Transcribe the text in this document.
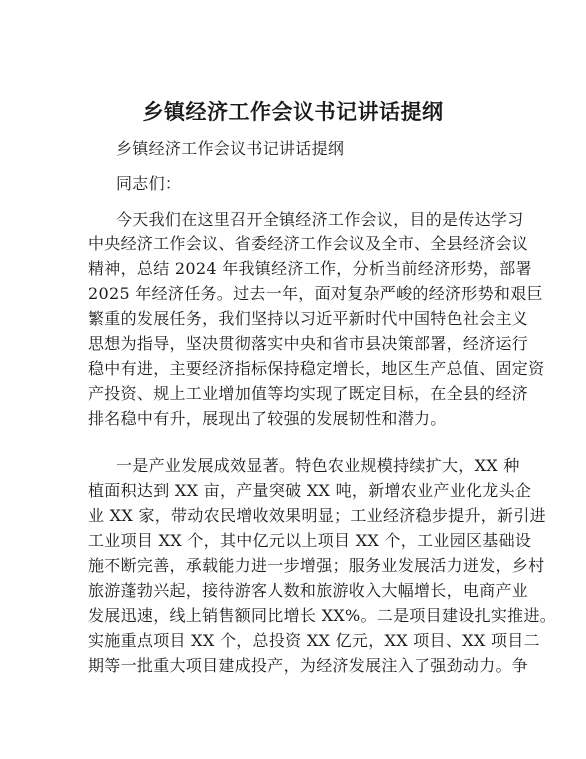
乡镇经济工作会议书记讲话提纲
乡镇经济工作会议书记讲话提纲
同志们：
今天我们在这里召开全镇经济工作会议，目的是传达学习
中央经济工作会议、省委经济工作会议及全市、全县经济会议
精神，总结 2024 年我镇经济工作，分析当前经济形势，部署
2025 年经济任务。过去一年，面对复杂严峻的经济形势和艰巨
繁重的发展任务，我们坚持以习近平新时代中国特色社会主义
思想为指导，坚决贯彻落实中央和省市县决策部署，经济运行
稳中有进，主要经济指标保持稳定增长，地区生产总值、固定资
产投资、规上工业增加值等均实现了既定目标，在全县的经济
排名稳中有升，展现出了较强的发展韧性和潜力。
一是产业发展成效显著。特色农业规模持续扩大，XX 种
植面积达到 XX 亩，产量突破 XX 吨，新增农业产业化龙头企
业 XX 家，带动农民增收效果明显；工业经济稳步提升，新引进
工业项目 XX 个，其中亿元以上项目 XX 个，工业园区基础设
施不断完善，承载能力进一步增强；服务业发展活力迸发，乡村
旅游蓬勃兴起，接待游客人数和旅游收入大幅增长，电商产业
发展迅速，线上销售额同比增长 XX%。二是项目建设扎实推进。
实施重点项目 XX 个，总投资 XX 亿元，XX 项目、XX 项目二
期等一批重大项目建成投产，为经济发展注入了强劲动力。争
